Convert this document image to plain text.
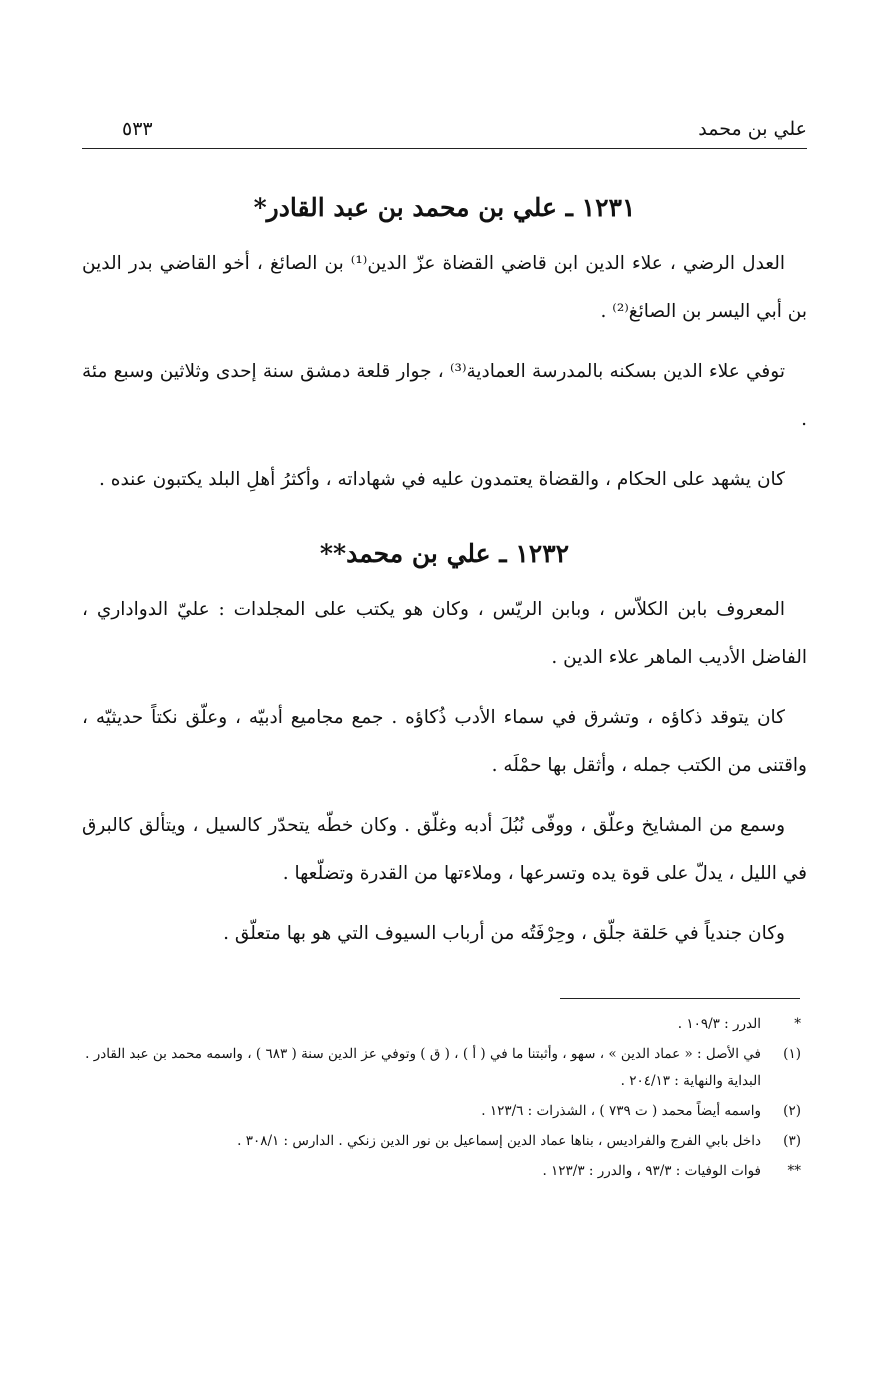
علي بن محمد
٥٣٣
١٢٣١ ـ علي بن محمد بن عبد القادر*

العدل الرضي ، علاء الدين ابن قاضي القضاة عزّ الدين⁽¹⁾ بن الصائغ ، أخو القاضي بدر الدين بن أبي اليسر بن الصائغ⁽²⁾ .

توفي علاء الدين بسكنه بالمدرسة العمادية⁽³⁾ ، جوار قلعة دمشق سنة إحدى وثلاثين وسبع مئة .

كان يشهد على الحكام ، والقضاة يعتمدون عليه في شهاداته ، وأكثرُ أهلِ البلد يكتبون عنده .

١٢٣٢ ـ علي بن محمد**

المعروف بابن الكلاّس ، وبابن الريّس ، وكان هو يكتب على المجلدات : عليّ الدواداري ، الفاضل الأديب الماهر علاء الدين .

كان يتوقد ذكاؤه ، وتشرق في سماء الأدب ذُكاؤه . جمع مجاميع أدبيّه ، وعلّق نكتاً حديثيّه ، واقتنى من الكتب جمله ، وأثقل بها حمْلَه .

وسمع من المشايخ وعلّق ، ووفّى نُبُلَ أدبه وغلّق . وكان خطّه يتحدّر كالسيل ، ويتألق كالبرق في الليل ، يدلّ على قوة يده وتسرعها ، وملاءتها من القدرة وتضلّعها .

وكان جندياً في حَلقة جلّق ، وحِرْفَتُه من أرباب السيوف التي هو بها متعلّق .

*
الدرر : ١٠٩/٣ .
(١)
في الأصل : « عماد الدين » ، سهو ، وأثبتنا ما في ( أ ) ، ( ق ) وتوفي عز الدين سنة ( ٦٨٣ ) ، واسمه محمد بن عبد القادر . البداية والنهاية : ٢٠٤/١٣ .
(٢)
واسمه أيضاً محمد ( ت ٧٣٩ ) ، الشذرات : ١٢٣/٦ .
(٣)
داخل بابي الفرج والفراديس ، بناها عماد الدين إسماعيل بن نور الدين زنكي . الدارس : ٣٠٨/١ .
**
فوات الوفيات : ٩٣/٣ ، والدرر : ١٢٣/٣ .
